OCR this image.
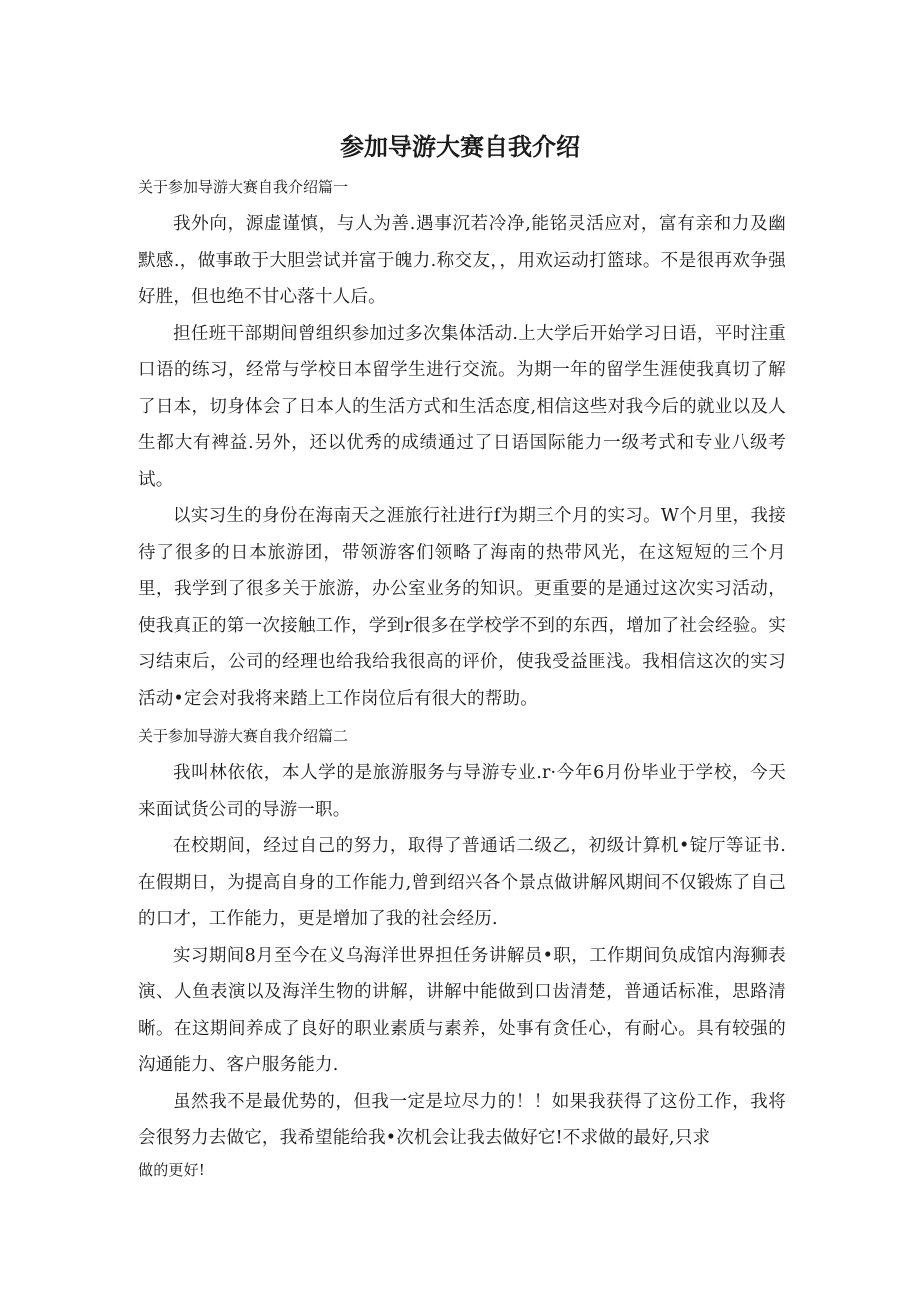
参加导游大赛自我介绍
关于参加导游大赛自我介绍篇一

我外向，源虚谨慎，与人为善.遇事沉若冷净,能铭灵活应对，富有亲和力及幽默感.，做事敢于大胆尝试并富于魄力.称交友，，用欢运动打篮球。不是很再欢争强好胜，但也绝不甘心落十人后。

担任班干部期间曾组织参加过多次集体活动.上大学后开始学习日语，平时注重口语的练习，经常与学校日本留学生进行交流。为期一年的留学生涯使我真切了解了日本，切身体会了日本人的生活方式和生活态度,相信这些对我今后的就业以及人生都大有裨益.另外，还以优秀的成绩通过了日语国际能力一级考式和专业八级考试。

以实习生的身份在海南天之涯旅行社进行f为期三个月的实习。W个月里，我接待了很多的日本旅游团，带领游客们领略了海南的热带风光，在这短短的三个月里，我学到了很多关于旅游，办公室业务的知识。更重要的是通过这次实习活动，使我真正的第一次接触工作，学到r很多在学校学不到的东西，增加了社会经验。实习结束后，公司的经理也给我给我很高的评价，使我受益匪浅。我相信这次的实习活动•定会对我将来踏上工作岗位后有很大的帮助。

关于参加导游大赛自我介绍篇二

我叫林依依，本人学的是旅游服务与导游专业.r·今年6月份毕业于学校，今天来面试货公司的导游一职。

在校期间，经过自己的努力，取得了普通话二级乙，初级计算机•锭厅等证书.在假期日，为提高自身的工作能力,曾到绍兴各个景点做讲解风期间不仅锻炼了自己的口才，工作能力，更是增加了我的社会经历.

实习期间8月至今在义乌海洋世界担任务讲解员•职，工作期间负成馆内海狮表演、人鱼表演以及海洋生物的讲解，讲解中能做到口齿清楚，普通话标准，思路清晰。在这期间养成了良好的职业素质与素养，处事有贪任心，有耐心。具有较强的沟通能力、客户服务能力.

虽然我不是最优势的，但我一定是垃尽力的！！如果我获得了这份工作，我将会很努力去做它，我希望能给我•次机会让我去做好它!不求做的最好,只求

做的更好!
